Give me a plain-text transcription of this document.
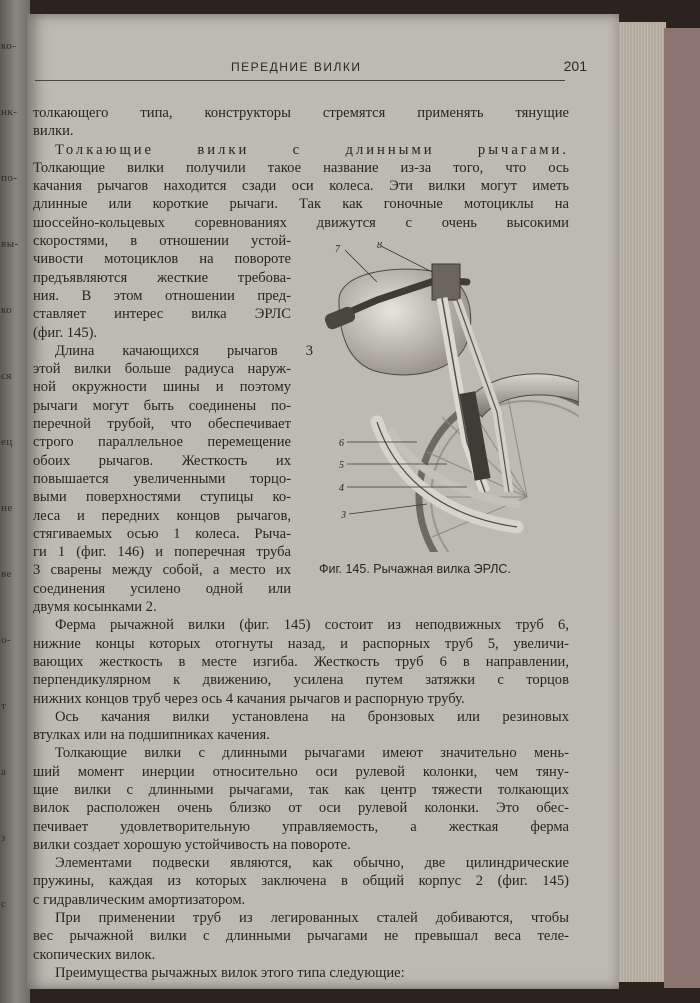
ко-
нк-
по-
вы-
ко
ся
ец
не
ве
о-
т
а
з
с
ПЕРЕДНИЕ ВИЛКИ	201
толкающего типа, конструкторы стремятся применять тянущие
вилки.
Толкающие вилки с длинными рычагами.
Толкающие вилки получили такое название из-за того, что ось
качания рычагов находится сзади оси колеса. Эти вилки могут иметь
длинные или короткие рычаги. Так как гоночные мотоциклы на
шоссейно-кольцевых соревнованиях движутся с очень высокими
скоростями, в отношении устой-
чивости мотоциклов на повороте
предъявляются жесткие требова-
ния. В этом отношении пред-
ставляет интерес вилка ЭРЛС
(фиг. 145).
Длина качающихся рычагов 3
этой вилки больше радиуса наруж-
ной окружности шины и поэтому
рычаги могут быть соединены по-
перечной трубой, что обеспечивает
строго параллельное перемещение
обоих рычагов. Жесткость их
повышается увеличенными торцо-
выми поверхностями ступицы ко-
леса и передних концов рычагов,
стягиваемых осью 1 колеса. Рыча-
ги 1 (фиг. 146) и поперечная труба
3 сварены между собой, а место их
соединения усилено одной или
двумя косынками 2.
Ферма рычажной вилки (фиг. 145) состоит из неподвижных труб 6,
нижние концы которых отогнуты назад, и распорных труб 5, увеличи-
вающих жесткость в месте изгиба. Жесткость труб 6 в направлении,
перпендикулярном к движению, усилена путем затяжки с торцов
нижних концов труб через ось 4 качания рычагов и распорную трубу.
Ось качания вилки установлена на бронзовых или резиновых
втулках или на подшипниках качения.
Толкающие вилки с длинными рычагами имеют значительно мень-
ший момент инерции относительно оси рулевой колонки, чем тяну-
щие вилки с длинными рычагами, так как центр тяжести толкающих
вилок расположен очень близко от оси рулевой колонки. Это обес-
печивает удовлетворительную управляемость, а жесткая ферма
вилки создает хорошую устойчивость на повороте.
Элементами подвески являются, как обычно, две цилиндрические
пружины, каждая из которых заключена в общий корпус 2 (фиг. 145)
с гидравлическим амортизатором.
При применении труб из легированных сталей добиваются, чтобы
вес рычажной вилки с длинными рычагами не превышал веса теле-
скопических вилок.
Преимущества рычажных вилок этого типа следующие:
7	8
6
5
4
3
Фиг. 145. Рычажная вилка ЭРЛС.
